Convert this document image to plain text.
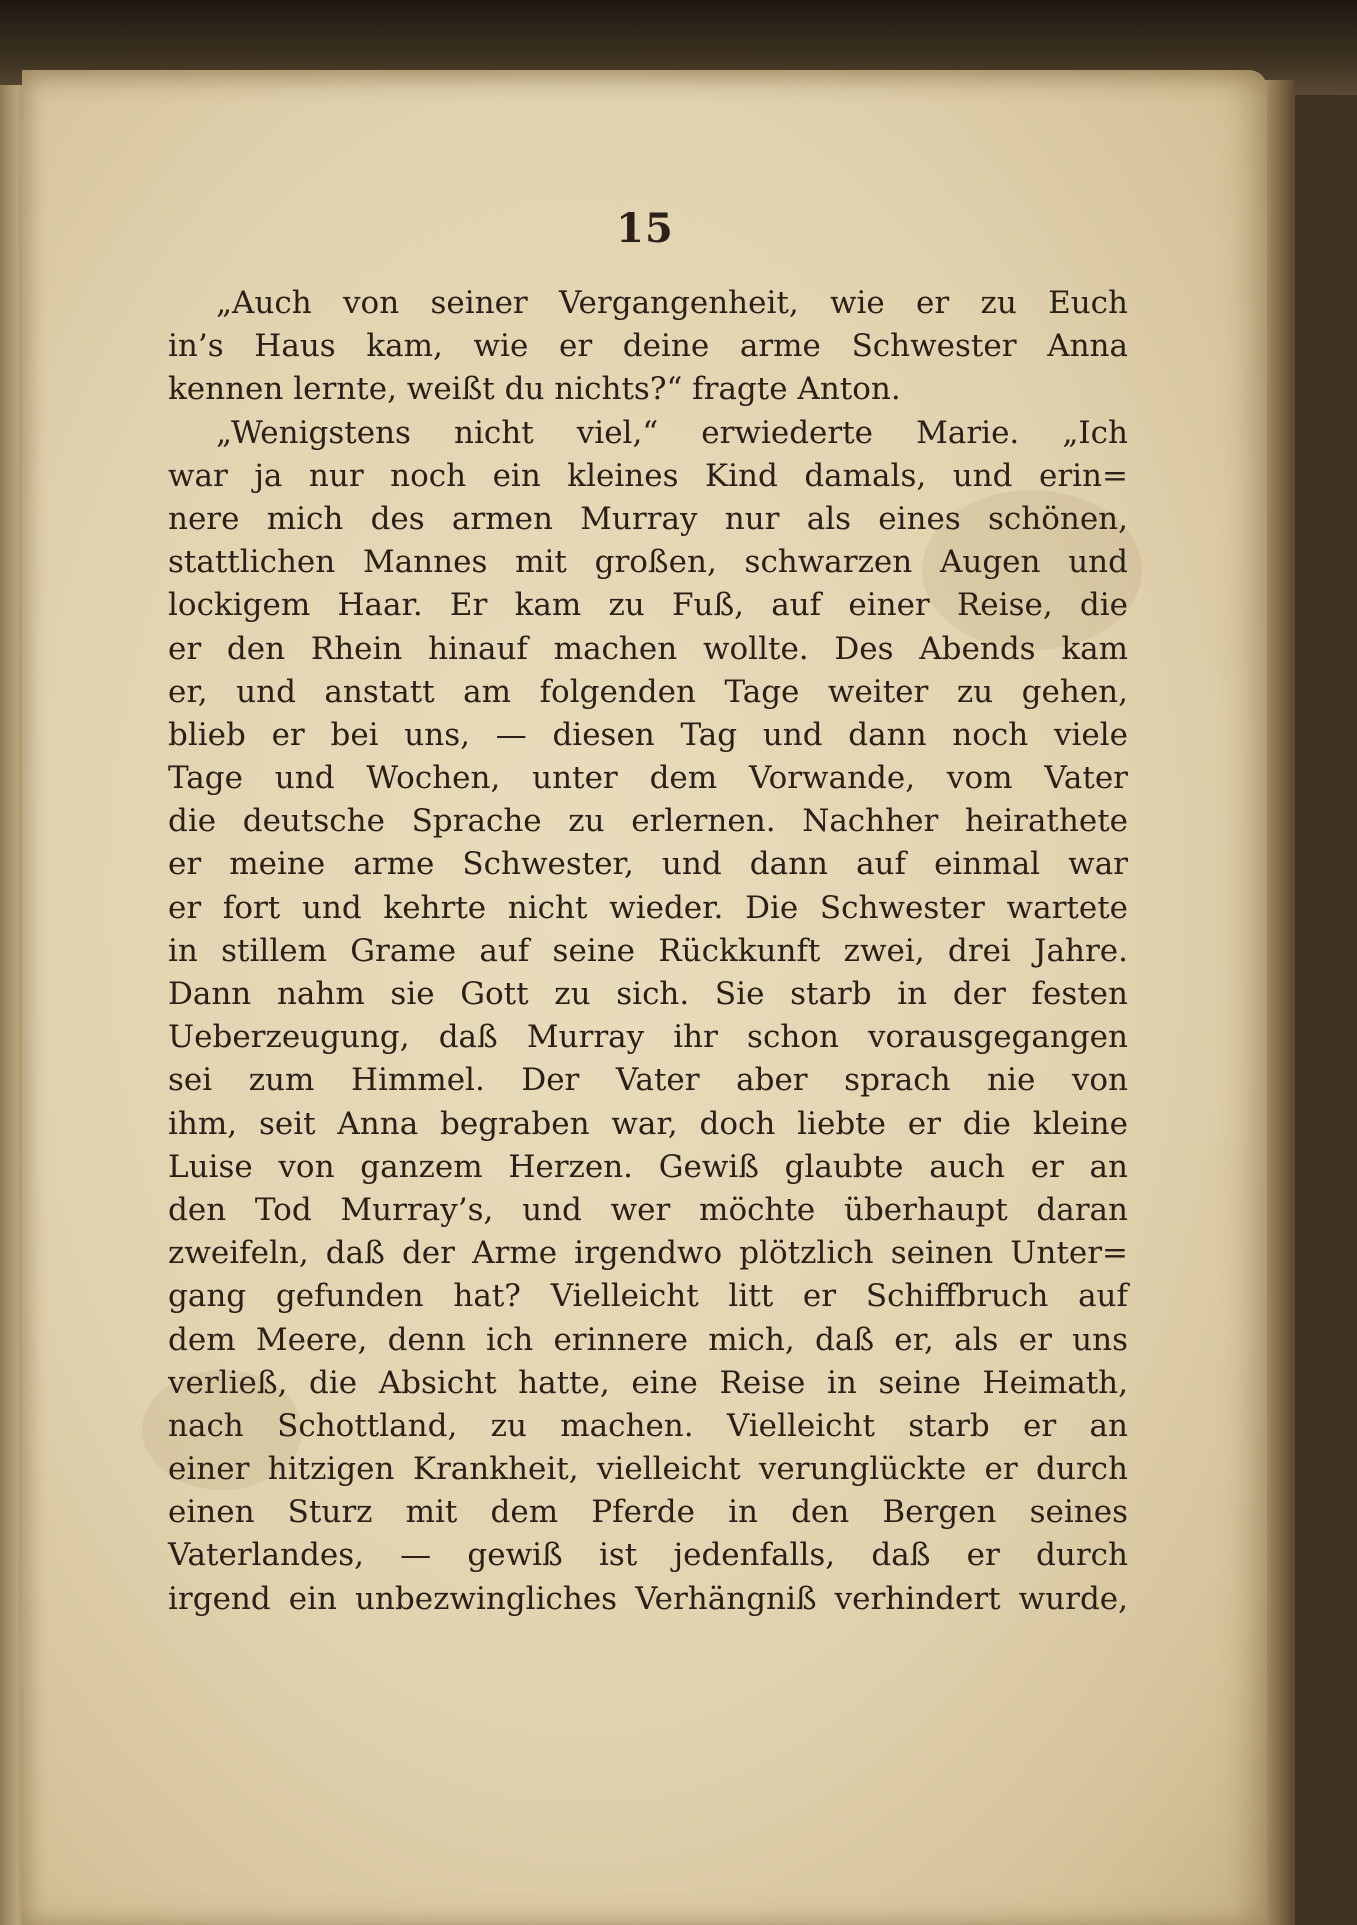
15
„Auch von seiner Vergangenheit, wie er zu Euch
in’s Haus kam, wie er deine arme Schwester Anna
kennen lernte, weißt du nichts?“ fragte Anton.
„Wenigstens nicht viel,“ erwiederte Marie. „Ich
war ja nur noch ein kleines Kind damals, und erin=
nere mich des armen Murray nur als eines schönen,
stattlichen Mannes mit großen, schwarzen Augen und
lockigem Haar. Er kam zu Fuß, auf einer Reise, die
er den Rhein hinauf machen wollte. Des Abends kam
er, und anstatt am folgenden Tage weiter zu gehen,
blieb er bei uns, — diesen Tag und dann noch viele
Tage und Wochen, unter dem Vorwande, vom Vater
die deutsche Sprache zu erlernen. Nachher heirathete
er meine arme Schwester, und dann auf einmal war
er fort und kehrte nicht wieder. Die Schwester wartete
in stillem Grame auf seine Rückkunft zwei, drei Jahre.
Dann nahm sie Gott zu sich. Sie starb in der festen
Ueberzeugung, daß Murray ihr schon vorausgegangen
sei zum Himmel. Der Vater aber sprach nie von
ihm, seit Anna begraben war, doch liebte er die kleine
Luise von ganzem Herzen. Gewiß glaubte auch er an
den Tod Murray’s, und wer möchte überhaupt daran
zweifeln, daß der Arme irgendwo plötzlich seinen Unter=
gang gefunden hat? Vielleicht litt er Schiffbruch auf
dem Meere, denn ich erinnere mich, daß er, als er uns
verließ, die Absicht hatte, eine Reise in seine Heimath,
nach Schottland, zu machen. Vielleicht starb er an
einer hitzigen Krankheit, vielleicht verunglückte er durch
einen Sturz mit dem Pferde in den Bergen seines
Vaterlandes, — gewiß ist jedenfalls, daß er durch
irgend ein unbezwingliches Verhängniß verhindert wurde,
